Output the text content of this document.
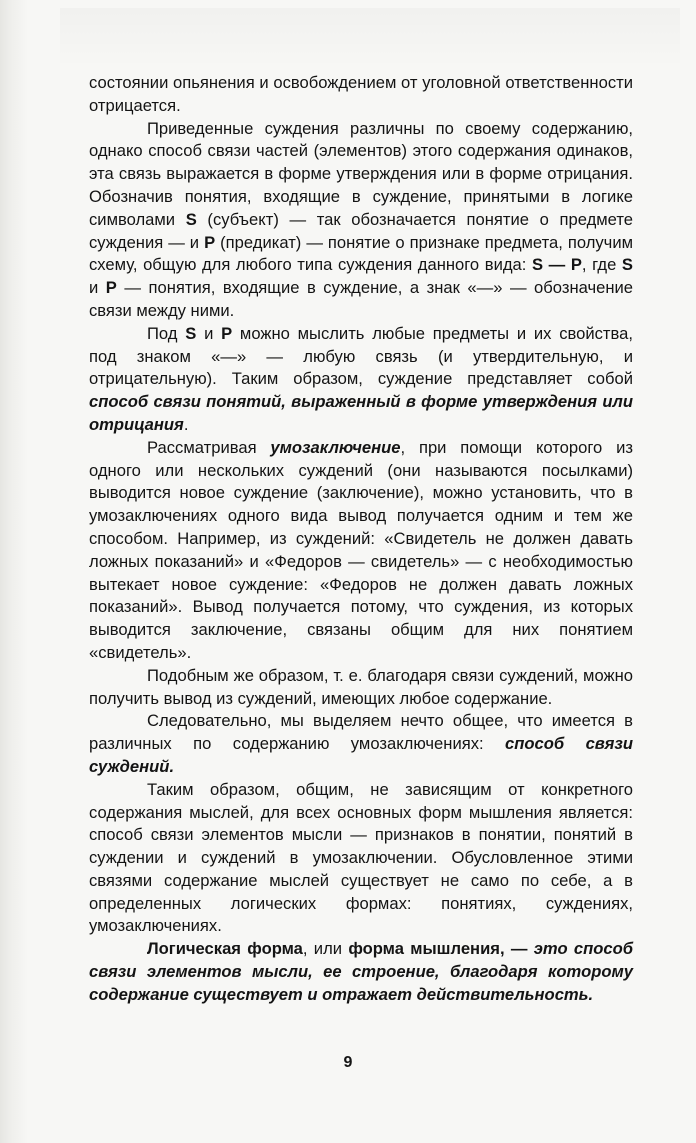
состоянии опьянения и освобождением от уголовной ответственности отрицается.

Приведенные суждения различны по своему содержанию, однако способ связи частей (элементов) этого содержания одинаков, эта связь выражается в форме утверждения или в форме отрицания. Обозначив понятия, входящие в суждение, принятыми в логике символами S (субъект) — так обозначается понятие о предмете суждения — и Р (предикат) — понятие о признаке предмета, получим схему, общую для любого типа суждения данного вида: S — Р, где S и Р — понятия, входящие в суждение, а знак «—» — обозначение связи между ними.

Под S и Р можно мыслить любые предметы и их свойства, под знаком «—» — любую связь (и утвердительную, и отрицательную). Таким образом, суждение представляет собой способ связи понятий, выраженный в форме утверждения или отрицания.

Рассматривая умозаключение, при помощи которого из одного или нескольких суждений (они называются посылками) выводится новое суждение (заключение), можно установить, что в умозаключениях одного вида вывод получается одним и тем же способом. Например, из суждений: «Свидетель не должен давать ложных показаний» и «Федоров — свидетель» — с необходимостью вытекает новое суждение: «Федоров не должен давать ложных показаний». Вывод получается потому, что суждения, из которых выводится заключение, связаны общим для них понятием «свидетель».

Подобным же образом, т. е. благодаря связи суждений, можно получить вывод из суждений, имеющих любое содержание.

Следовательно, мы выделяем нечто общее, что имеется в различных по содержанию умозаключениях: способ связи суждений.

Таким образом, общим, не зависящим от конкретного содержания мыслей, для всех основных форм мышления является: способ связи элементов мысли — признаков в понятии, понятий в суждении и суждений в умозаключении. Обусловленное этими связями содержание мыслей существует не само по себе, а в определенных логических формах: понятиях, суждениях, умозаключениях.

Логическая форма, или форма мышления, — это способ связи элементов мысли, ее строение, благодаря которому содержание существует и отражает действительность.

9
